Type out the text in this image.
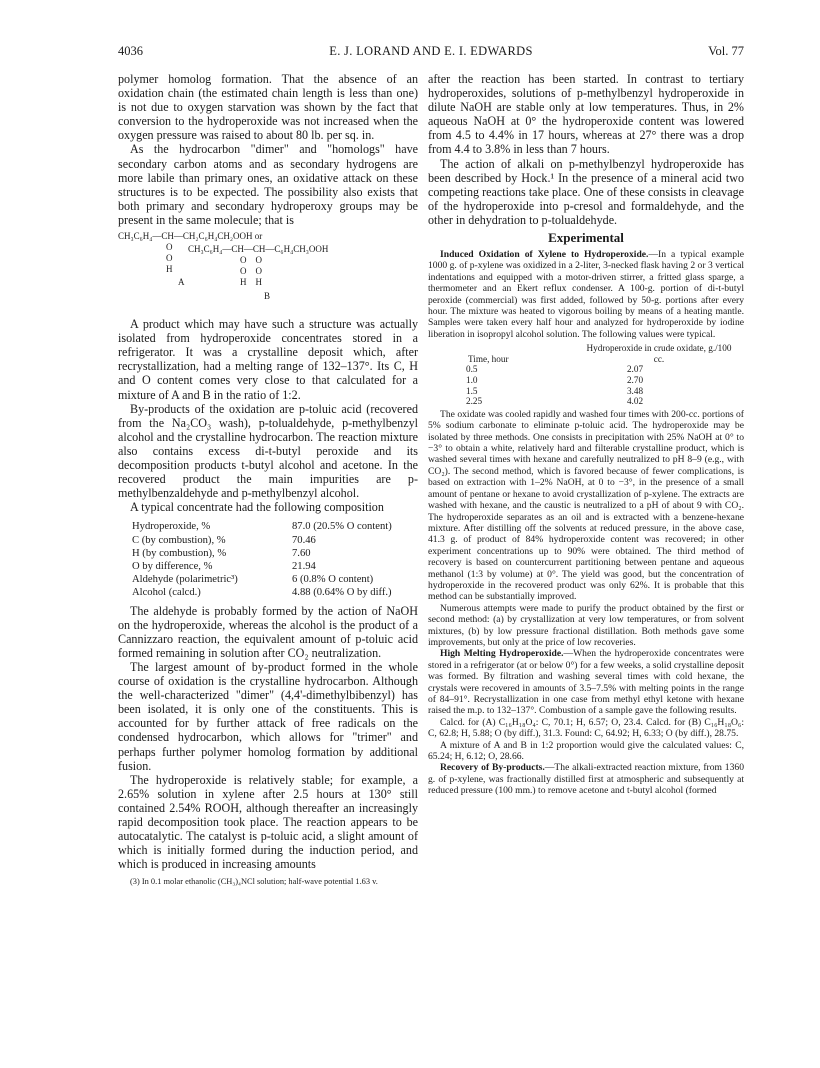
4036	E. J. LORAND AND E. I. EDWARDS	Vol. 77

polymer homolog formation. That the absence of an oxidation chain (the estimated chain length is less than one) is not due to oxygen starvation was shown by the fact that conversion to the hydroperoxide was not increased when the oxygen pressure was raised to about 80 lb. per sq. in.

As the hydrocarbon "dimer" and "homologs" have secondary carbon atoms and as secondary hydrogens are more labile than primary ones, an oxidative attack on these structures is to be expected. The possibility also exists that both primary and secondary hydroperoxy groups may be present in the same molecule; that is

CH₃C₆H₄—CH—CH₂C₆H₄CH₂OOH or
O
O
H
A
CH₃C₆H₄—CH—CH—C₆H₄CH₃OOH
O    O
O    O
H    H
B

A product which may have such a structure was actually isolated from hydroperoxide concentrates stored in a refrigerator. It was a crystalline deposit which, after recrystallization, had a melting range of 132–137°. Its C, H and O content comes very close to that calculated for a mixture of A and B in the ratio of 1:2.

By-products of the oxidation are p-toluic acid (recovered from the Na₂CO₃ wash), p-tolualdehyde, p-methylbenzyl alcohol and the crystalline hydrocarbon. The reaction mixture also contains excess di-t-butyl peroxide and its decomposition products t-butyl alcohol and acetone. In the recovered product the main impurities are p-methylbenzaldehyde and p-methylbenzyl alcohol.

A typical concentrate had the following composition

Hydroperoxide, %	87.0 (20.5% O content)
C (by combustion), %	70.46
H (by combustion), %	7.60
O by difference, %	21.94
Aldehyde (polarimetric³)	6 (0.8% O content)
Alcohol (calcd.)	4.88 (0.64% O by diff.)

The aldehyde is probably formed by the action of NaOH on the hydroperoxide, whereas the alcohol is the product of a Cannizzaro reaction, the equivalent amount of p-toluic acid formed remaining in solution after CO₂ neutralization.

The largest amount of by-product formed in the whole course of oxidation is the crystalline hydrocarbon. Although the well-characterized "dimer" (4,4'-dimethylbibenzyl) has been isolated, it is only one of the constituents. This is accounted for by further attack of free radicals on the condensed hydrocarbon, which allows for "trimer" and perhaps further polymer homolog formation by additional fusion.

The hydroperoxide is relatively stable; for example, a 2.65% solution in xylene after 2.5 hours at 130° still contained 2.54% ROOH, although thereafter an increasingly rapid decomposition took place. The reaction appears to be autocatalytic. The catalyst is p-toluic acid, a slight amount of which is initially formed during the induction period, and which is produced in increasing amounts

(3) In 0.1 molar ethanolic (CH₃)₄NCl solution; half-wave potential 1.63 v.

after the reaction has been started. In contrast to tertiary hydroperoxides, solutions of p-methylbenzyl hydroperoxide in dilute NaOH are stable only at low temperatures. Thus, in 2% aqueous NaOH at 0° the hydroperoxide content was lowered from 4.5 to 4.4% in 17 hours, whereas at 27° there was a drop from 4.4 to 3.8% in less than 7 hours.

The action of alkali on p-methylbenzyl hydroperoxide has been described by Hock.¹ In the presence of a mineral acid two competing reactions take place. One of these consists in cleavage of the hydroperoxide into p-cresol and formaldehyde, and the other in dehydration to p-tolualdehyde.

Experimental

Induced Oxidation of Xylene to Hydroperoxide.—In a typical example 1000 g. of p-xylene was oxidized in a 2-liter, 3-necked flask having 2 or 3 vertical indentations and equipped with a motor-driven stirrer, a fritted glass sparge, a thermometer and an Ekert reflux condenser. A 100-g. portion of di-t-butyl peroxide (commercial) was first added, followed by 50-g. portions after every hour. The mixture was heated to vigorous boiling by means of a heating mantle. Samples were taken every half hour and analyzed for hydroperoxide by iodine liberation in isopropyl alcohol solution. The following values were typical.

Time, hour
Hydroperoxide in crude oxidate, g./100 cc.
0.5	2.07
1.0	2.70
1.5	3.48
2.25	4.02

The oxidate was cooled rapidly and washed four times with 200-cc. portions of 5% sodium carbonate to eliminate p-toluic acid. The hydroperoxide may be isolated by three methods. One consists in precipitation with 25% NaOH at 0° to −3° to obtain a white, relatively hard and filterable crystalline product, which is washed several times with hexane and carefully neutralized to pH 8–9 (e.g., with CO₂). The second method, which is favored because of fewer complications, is based on extraction with 1–2% NaOH, at 0 to −3°, in the presence of a small amount of pentane or hexane to avoid crystallization of p-xylene. The extracts are washed with hexane, and the caustic is neutralized to a pH of about 9 with CO₂. The hydroperoxide separates as an oil and is extracted with a benzene-hexane mixture. After distilling off the solvents at reduced pressure, in the above case, 41.3 g. of product of 84% hydroperoxide content was recovered; in other experiment concentrations up to 90% were obtained. The third method of recovery is based on countercurrent partitioning between pentane and aqueous methanol (1:3 by volume) at 0°. The yield was good, but the concentration of hydroperoxide in the recovered product was only 62%. It is probable that this method can be substantially improved.

Numerous attempts were made to purify the product obtained by the first or second method: (a) by crystallization at very low temperatures, or from solvent mixtures, (b) by low pressure fractional distillation. Both methods gave some improvements, but only at the price of low recoveries.

High Melting Hydroperoxide.—When the hydroperoxide concentrates were stored in a refrigerator (at or below 0°) for a few weeks, a solid crystalline deposit was formed. By filtration and washing several times with cold hexane, the crystals were recovered in amounts of 3.5–7.5% with melting points in the range of 84–91°. Recrystallization in one case from methyl ethyl ketone with hexane raised the m.p. to 132–137°. Combustion of a sample gave the following results.

Calcd. for (A) C₁₆H₁₈O₄: C, 70.1; H, 6.57; O, 23.4. Calcd. for (B) C₁₆H₁₈O₆: C, 62.8; H, 5.88; O (by diff.), 31.3. Found: C, 64.92; H, 6.33; O (by diff.), 28.75.

A mixture of A and B in 1:2 proportion would give the calculated values: C, 65.24; H, 6.12; O, 28.66.

Recovery of By-products.—The alkali-extracted reaction mixture, from 1360 g. of p-xylene, was fractionally distilled first at atmospheric and subsequently at reduced pressure (100 mm.) to remove acetone and t-butyl alcohol (formed
